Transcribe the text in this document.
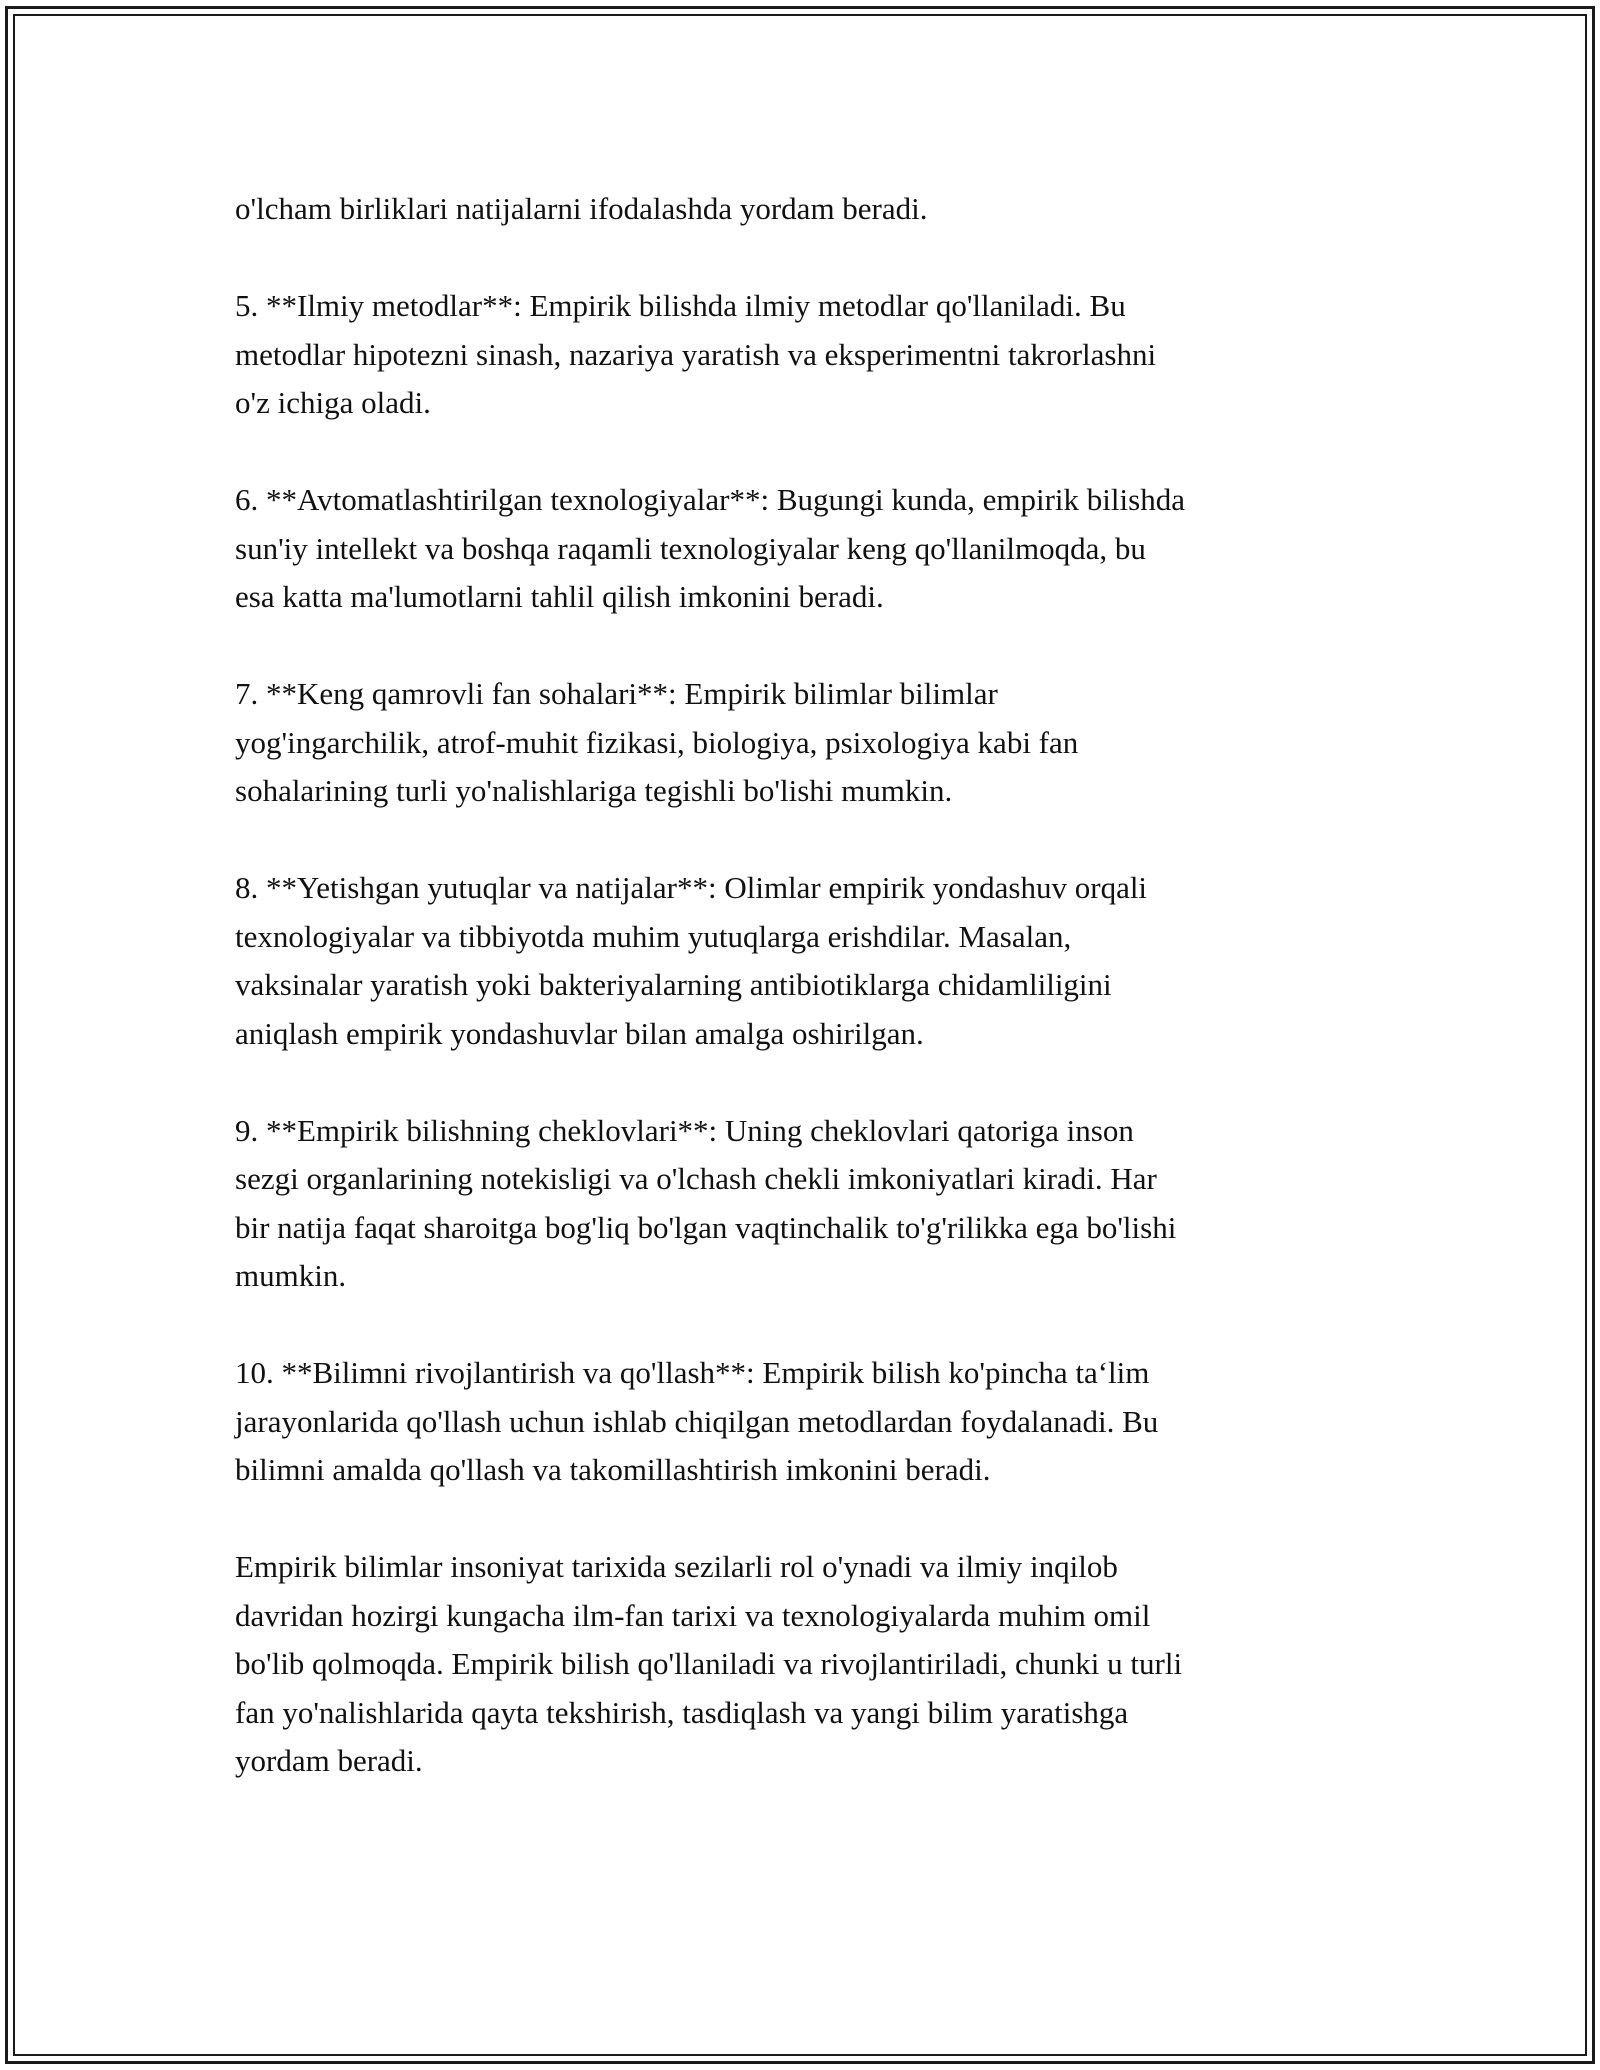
o'lcham birliklari natijalarni ifodalashda yordam beradi.

5. **Ilmiy metodlar**: Empirik bilishda ilmiy metodlar qo'llaniladi. Bu
metodlar hipotezni sinash, nazariya yaratish va eksperimentni takrorlashni
o'z ichiga oladi.

6. **Avtomatlashtirilgan texnologiyalar**: Bugungi kunda, empirik bilishda
sun'iy intellekt va boshqa raqamli texnologiyalar keng qo'llanilmoqda, bu
esa katta ma'lumotlarni tahlil qilish imkonini beradi.

7. **Keng qamrovli fan sohalari**: Empirik bilimlar bilimlar
yog'ingarchilik, atrof-muhit fizikasi, biologiya, psixologiya kabi fan
sohalarining turli yo'nalishlariga tegishli bo'lishi mumkin.

8. **Yetishgan yutuqlar va natijalar**: Olimlar empirik yondashuv orqali
texnologiyalar va tibbiyotda muhim yutuqlarga erishdilar. Masalan,
vaksinalar yaratish yoki bakteriyalarning antibiotiklarga chidamliligini
aniqlash empirik yondashuvlar bilan amalga oshirilgan.

9. **Empirik bilishning cheklovlari**: Uning cheklovlari qatoriga inson
sezgi organlarining notekisligi va o'lchash chekli imkoniyatlari kiradi. Har
bir natija faqat sharoitga bog'liq bo'lgan vaqtinchalik to'g'rilikka ega bo'lishi
mumkin.

10. **Bilimni rivojlantirish va qo'llash**: Empirik bilish ko'pincha ta‘lim
jarayonlarida qo'llash uchun ishlab chiqilgan metodlardan foydalanadi. Bu
bilimni amalda qo'llash va takomillashtirish imkonini beradi.

Empirik bilimlar insoniyat tarixida sezilarli rol o'ynadi va ilmiy inqilob
davridan hozirgi kungacha ilm-fan tarixi va texnologiyalarda muhim omil
bo'lib qolmoqda. Empirik bilish qo'llaniladi va rivojlantiriladi, chunki u turli
fan yo'nalishlarida qayta tekshirish, tasdiqlash va yangi bilim yaratishga
yordam beradi.
